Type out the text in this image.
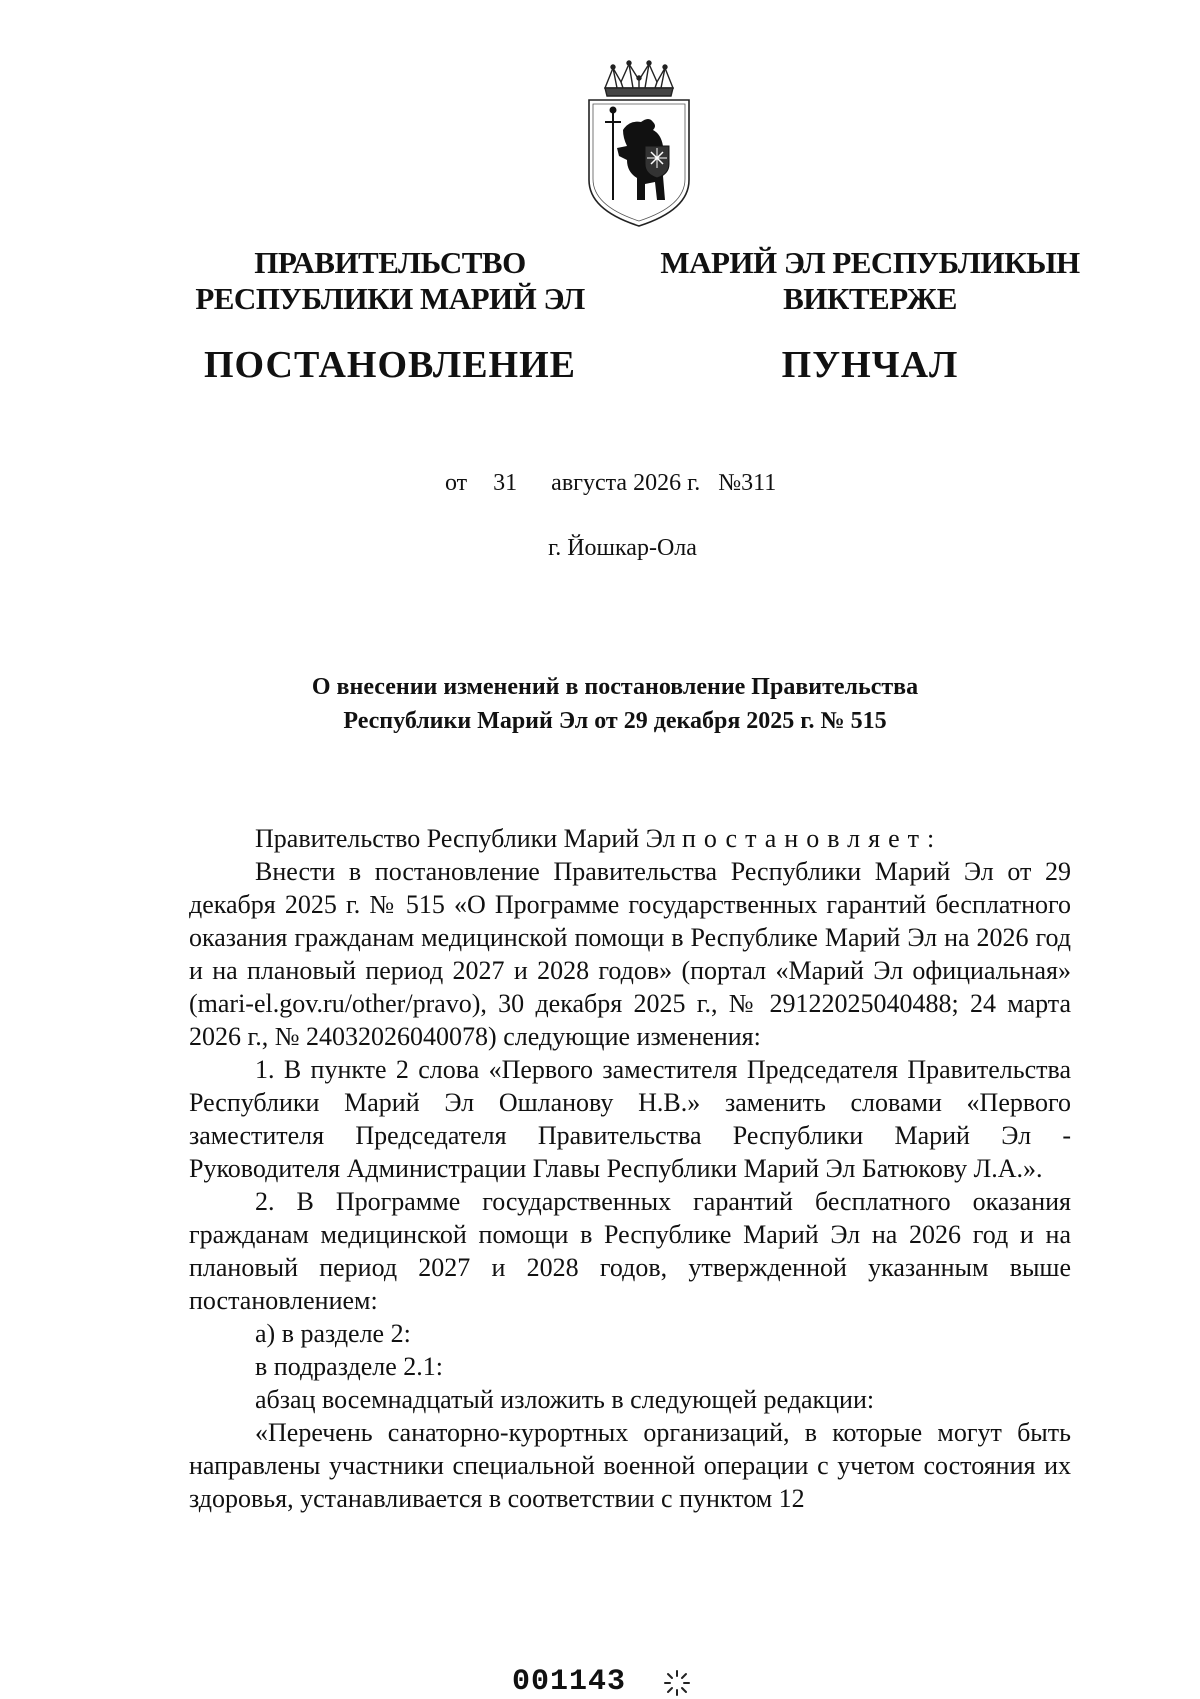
ПРАВИТЕЛЬСТВО
РЕСПУБЛИКИ МАРИЙ ЭЛ
ПОСТАНОВЛЕНИЕ
МАРИЙ ЭЛ РЕСПУБЛИКЫН
ВИКТЕРЖЕ
ПУНЧАЛ
от 31 августа 2026 г. №311
г. Йошкар-Ола
О внесении изменений в постановление Правительства
Республики Марий Эл от 29 декабря 2025 г. № 515

Правительство Республики Марий Эл постановляет:

Внести в постановление Правительства Республики Марий Эл от 29 декабря 2025 г. № 515 «О Программе государственных гарантий бесплатного оказания гражданам медицинской помощи в Республике Марий Эл на 2026 год и на плановый период 2027 и 2028 годов» (портал «Марий Эл официальная» (mari-el.gov.ru/other/pravo), 30 декабря 2025 г., № 29122025040488; 24 марта 2026 г., № 24032026040078) следующие изменения:

1. В пункте 2 слова «Первого заместителя Председателя Правительства Республики Марий Эл Ошланову Н.В.» заменить словами «Первого заместителя Председателя Правительства Республики Марий Эл - Руководителя Администрации Главы Республики Марий Эл Батюкову Л.А.».

2. В Программе государственных гарантий бесплатного оказания гражданам медицинской помощи в Республике Марий Эл на 2026 год и на плановый период 2027 и 2028 годов, утвержденной указанным выше постановлением:

а) в разделе 2:

в подразделе 2.1:

абзац восемнадцатый изложить в следующей редакции:

«Перечень санаторно-курортных организаций, в которые могут быть направлены участники специальной военной операции с учетом состояния их здоровья, устанавливается в соответствии с пунктом 12

001143
